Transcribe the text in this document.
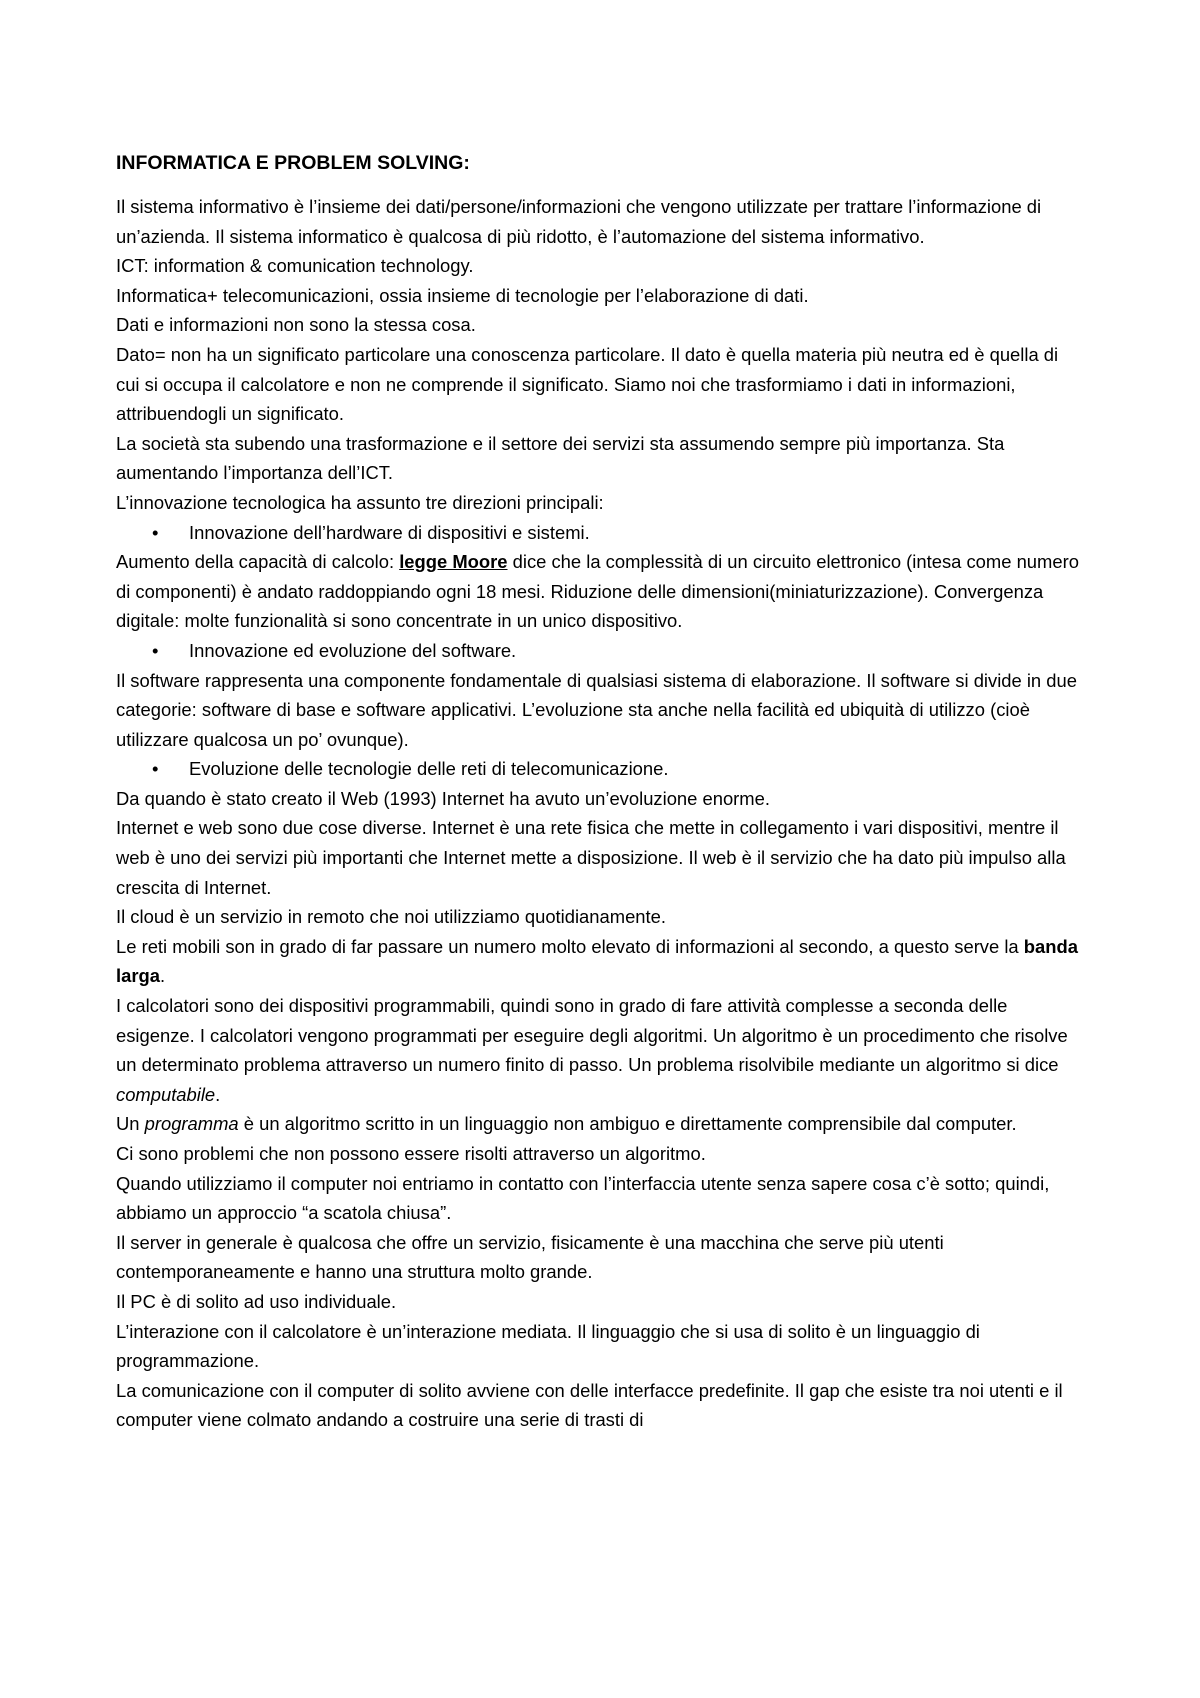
INFORMATICA E PROBLEM SOLVING:

Il sistema informativo è l’insieme dei dati/persone/informazioni che vengono utilizzate per trattare l’informazione di un’azienda. Il sistema informatico è qualcosa di più ridotto, è l’automazione del sistema informativo.

ICT: information & comunication technology.

Informatica+ telecomunicazioni, ossia insieme di tecnologie per l’elaborazione di dati.

Dati e informazioni non sono la stessa cosa.

Dato= non ha un significato particolare una conoscenza particolare. Il dato è quella materia più neutra ed è quella di cui si occupa il calcolatore e non ne comprende il significato. Siamo noi che trasformiamo i dati in informazioni, attribuendogli un significato.

La società sta subendo una trasformazione e il settore dei servizi sta assumendo sempre più importanza. Sta aumentando l’importanza dell’ICT.

L’innovazione tecnologica ha assunto tre direzioni principali:

• Innovazione dell’hardware di dispositivi e sistemi.

Aumento della capacità di calcolo: legge Moore dice che la complessità di un circuito elettronico (intesa come numero di componenti) è andato raddoppiando ogni 18 mesi. Riduzione delle dimensioni(miniaturizzazione). Convergenza digitale: molte funzionalità si sono concentrate in un unico dispositivo.

• Innovazione ed evoluzione del software.

Il software rappresenta una componente fondamentale di qualsiasi sistema di elaborazione. Il software si divide in due categorie: software di base e software applicativi. L’evoluzione sta anche nella facilità ed ubiquità di utilizzo (cioè utilizzare qualcosa un po’ ovunque).

• Evoluzione delle tecnologie delle reti di telecomunicazione.

Da quando è stato creato il Web (1993) Internet ha avuto un’evoluzione enorme.

Internet e web sono due cose diverse. Internet è una rete fisica che mette in collegamento i vari dispositivi, mentre il web è uno dei servizi più importanti che Internet mette a disposizione. Il web è il servizio che ha dato più impulso alla crescita di Internet.

Il cloud è un servizio in remoto che noi utilizziamo quotidianamente.

Le reti mobili son in grado di far passare un numero molto elevato di informazioni al secondo, a questo serve la banda larga.

I calcolatori sono dei dispositivi programmabili, quindi sono in grado di fare attività complesse a seconda delle esigenze. I calcolatori vengono programmati per eseguire degli algoritmi. Un algoritmo è un procedimento che risolve un determinato problema attraverso un numero finito di passo. Un problema risolvibile mediante un algoritmo si dice computabile.

Un programma è un algoritmo scritto in un linguaggio non ambiguo e direttamente comprensibile dal computer.

Ci sono problemi che non possono essere risolti attraverso un algoritmo.

Quando utilizziamo il computer noi entriamo in contatto con l’interfaccia utente senza sapere cosa c’è sotto; quindi, abbiamo un approccio “a scatola chiusa”.

Il server in generale è qualcosa che offre un servizio, fisicamente è una macchina che serve più utenti contemporaneamente e hanno una struttura molto grande.

Il PC è di solito ad uso individuale.

L’interazione con il calcolatore è un’interazione mediata. Il linguaggio che si usa di solito è un linguaggio di programmazione.

La comunicazione con il computer di solito avviene con delle interfacce predefinite. Il gap che esiste tra noi utenti e il computer viene colmato andando a costruire una serie di trasti di
